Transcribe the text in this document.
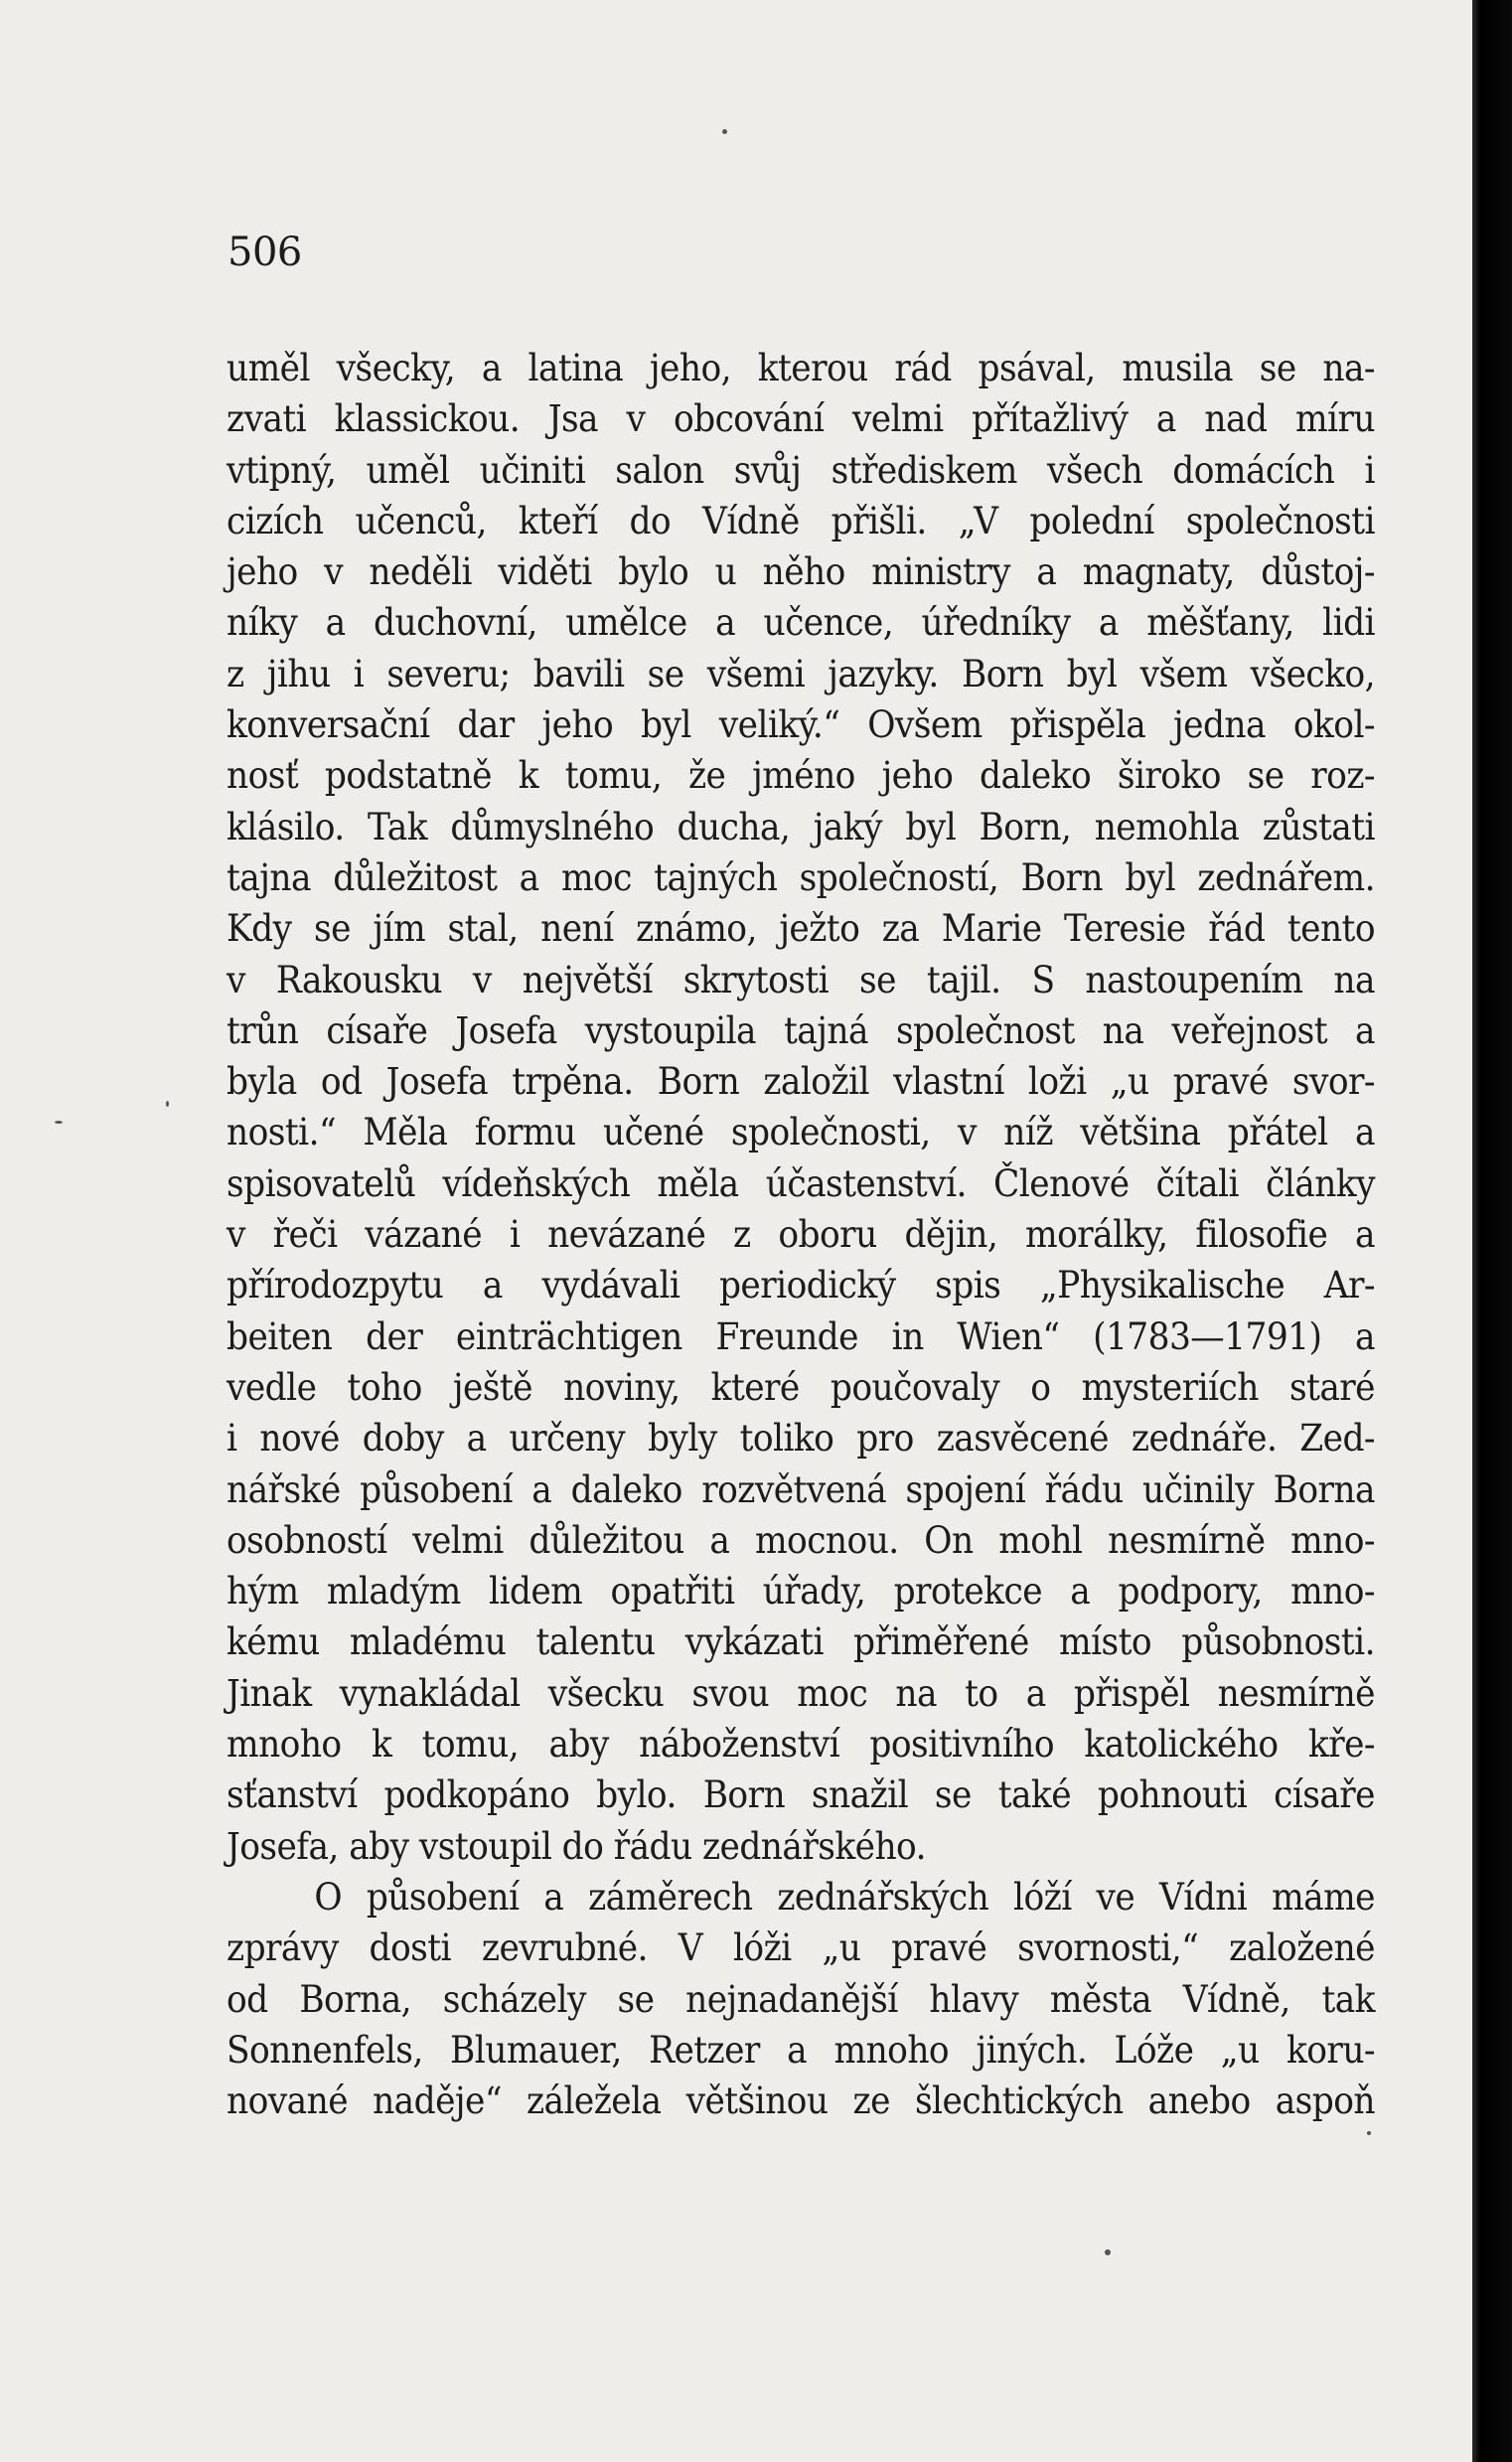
506
uměl všecky, a latina jeho, kterou rád psával, musila se na-
zvati klassickou. Jsa v obcování velmi přítažlivý a nad míru
vtipný, uměl učiniti salon svůj střediskem všech domácích i
cizích učenců, kteří do Vídně přišli. „V polední společnosti
jeho v neděli viděti bylo u něho ministry a magnaty, důstoj-
níky a duchovní, umělce a učence, úředníky a měšťany, lidi
z jihu i severu; bavili se všemi jazyky. Born byl všem všecko,
konversační dar jeho byl veliký.“ Ovšem přispěla jedna okol-
nosť podstatně k tomu, že jméno jeho daleko široko se roz-
klásilo. Tak důmyslného ducha, jaký byl Born, nemohla zůstati
tajna důležitost a moc tajných společností, Born byl zednářem.
Kdy se jím stal, není známo, ježto za Marie Teresie řád tento
v Rakousku v největší skrytosti se tajil. S nastoupením na
trůn císaře Josefa vystoupila tajná společnost na veřejnost a
byla od Josefa trpěna. Born založil vlastní loži „u pravé svor-
nosti.“ Měla formu učené společnosti, v níž většina přátel a
spisovatelů vídeňských měla účastenství. Členové čítali články
v řeči vázané i nevázané z oboru dějin, morálky, filosofie a
přírodozpytu a vydávali periodický spis „Physikalische Ar-
beiten der einträchtigen Freunde in Wien“ (1783—1791) a
vedle toho ještě noviny, které poučovaly o mysteriích staré
i nové doby a určeny byly toliko pro zasvěcené zednáře. Zed-
nářské působení a daleko rozvětvená spojení řádu učinily Borna
osobností velmi důležitou a mocnou. On mohl nesmírně mno-
hým mladým lidem opatřiti úřady, protekce a podpory, mno-
kému mladému talentu vykázati přiměřené místo působnosti.
Jinak vynakládal všecku svou moc na to a přispěl nesmírně
mnoho k tomu, aby náboženství positivního katolického kře-
sťanství podkopáno bylo. Born snažil se také pohnouti císaře
Josefa, aby vstoupil do řádu zednářského.
O působení a záměrech zednářských lóží ve Vídni máme
zprávy dosti zevrubné. V lóži „u pravé svornosti,“ založené
od Borna, scházely se nejnadanější hlavy města Vídně, tak
Sonnenfels, Blumauer, Retzer a mnoho jiných. Lóže „u koru-
nované naděje“ záležela většinou ze šlechtických anebo aspoň
